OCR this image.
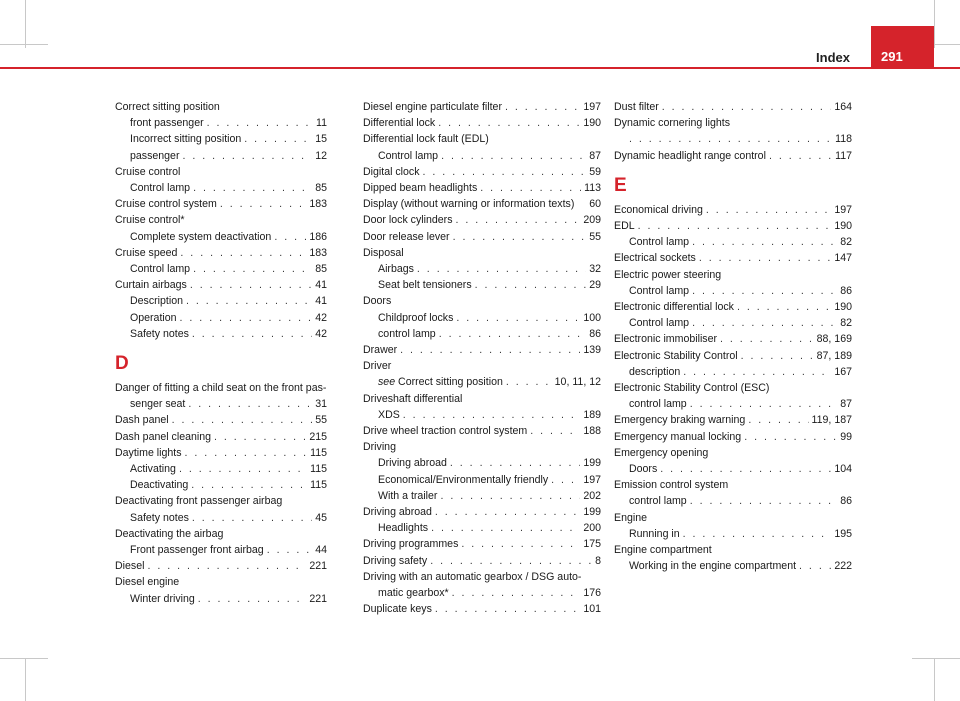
Index 291
Correct sitting position
front passenger . . .	11
Incorrect sitting position . . .	15
passenger . . .	12
Cruise control
Control lamp . . .	85
Cruise control system . . .	183
Cruise control*
Complete system deactivation . . .	186
Cruise speed . . .	183
Control lamp . . .	85
Curtain airbags . . .	41
Description . . .	41
Operation . . .	42
Safety notes . . .	42
D
Danger of fitting a child seat on the front pas-
senger seat . . .	31
Dash panel . . .	55
Dash panel cleaning . . .	215
Daytime lights . . .	115
Activating . . .	115
Deactivating . . .	115
Deactivating front passenger airbag
Safety notes . . .	45
Deactivating the airbag
Front passenger front airbag . . .	44
Diesel . . .	221
Diesel engine
Winter driving . . .	221
Diesel engine particulate filter . . .	197
Differential lock . . .	190
Differential lock fault (EDL)
Control lamp . . .	87
Digital clock . . .	59
Dipped beam headlights . . .	113
Display (without warning or information texts) 60
Door lock cylinders . . .	209
Door release lever . . .	55
Disposal
Airbags . . .	32
Seat belt tensioners . . .	29
Doors
Childproof locks . . .	100
control lamp . . .	86
Drawer . . .	139
Driver
see
Correct sitting position . . .	10, 11, 12
Driveshaft differential
XDS . . .	189
Drive wheel traction control system . . .	188
Driving
Driving abroad . . .	199
Economical/Environmentally friendly . . .	197
With a trailer . . .	202
Driving abroad . . .	199
Headlights . . .	200
Driving programmes . . .	175
Driving safety . . .	8
Driving with an automatic gearbox / DSG auto-
matic gearbox* . . .	176
Duplicate keys . . .	101
Dust filter . . .	164
Dynamic cornering lights
. . .
118
Dynamic headlight range control . . .	117
E
Economical driving . . .	197
EDL . . .	190
Control lamp . . .	82
Electrical sockets . . .	147
Electric power steering
Control lamp . . .	86
Electronic differential lock . . .	190
Control lamp . . .	82
Electronic immobiliser . . .	88, 169
Electronic Stability Control . . .	87, 189
description . . .	167
Electronic Stability Control (ESC)
control lamp . . .	87
Emergency braking warning . . .	119, 187
Emergency manual locking . . .	99
Emergency opening
Doors . . .	104
Emission control system
control lamp . . .	86
Engine
Running in . . .	195
Engine compartment
Working in the engine compartment . . .	222
